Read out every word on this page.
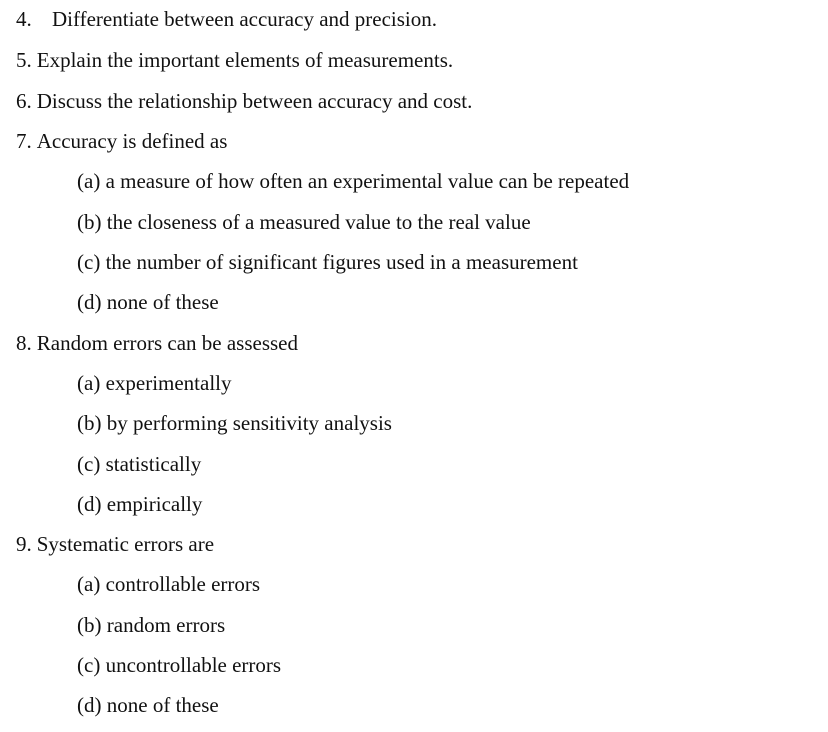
4. Differentiate between accuracy and precision.
5. Explain the important elements of measurements.
6. Discuss the relationship between accuracy and cost.
7. Accuracy is defined as
(a) a measure of how often an experimental value can be repeated
(b) the closeness of a measured value to the real value
(c) the number of significant figures used in a measurement
(d) none of these
8. Random errors can be assessed
(a) experimentally
(b) by performing sensitivity analysis
(c) statistically
(d) empirically
9. Systematic errors are
(a) controllable errors
(b) random errors
(c) uncontrollable errors
(d) none of these
